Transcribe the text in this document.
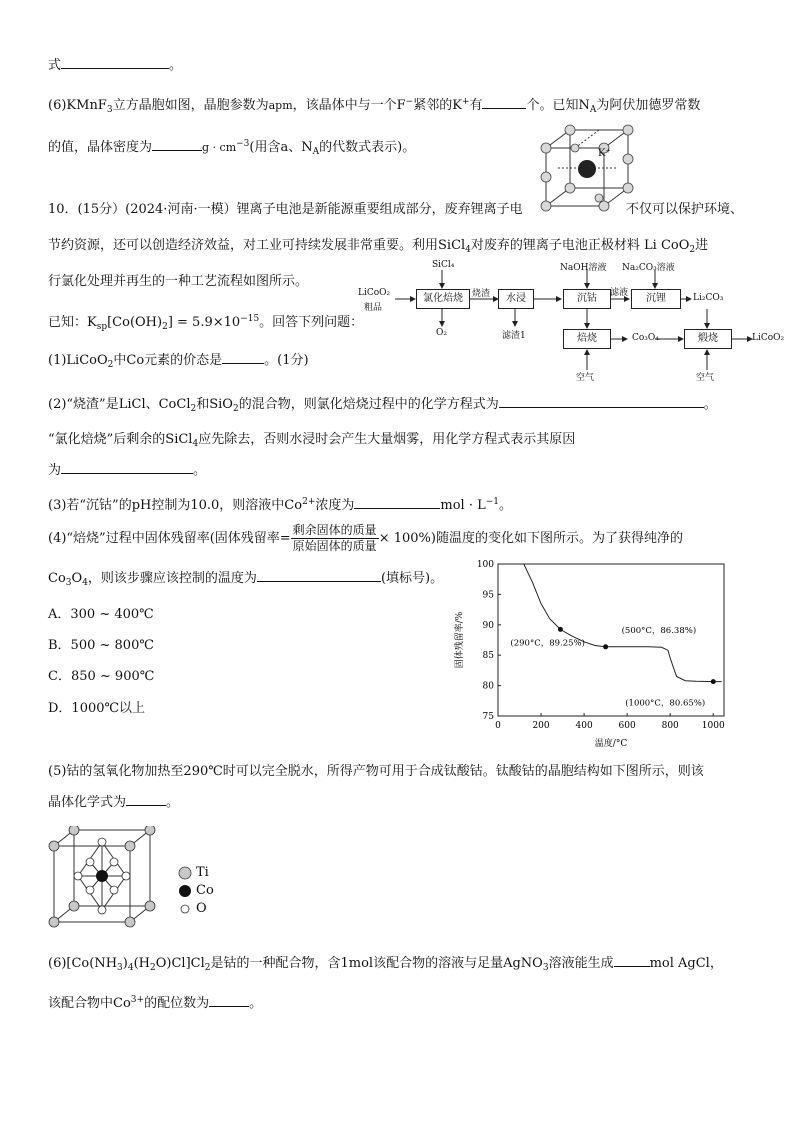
式	。
(6)KMnF$_3$立方晶胞如图，晶胞参数为apm，该晶体中与一个F−紧邻的K+有	个。已知$N_A$为阿伏加德罗常数
的值，晶体密度为	$g \cdot cm^{-3}$(用含a、$N_A$的代数式表示)。	K⁺
10．(15分）(2024·河南·一模）锂离子电池是新能源重要组成部分，废弃锂离子电	不仅可以保护环境、
节约资源，还可以创造经济效益，对工业可持续发展非常重要。利用SiCl$_4$对废弃的锂离子电池正极材料 Li CoO$_2$进
行氯化处理并再生的一种工艺流程如图所示。
已知：$K_{sp}[Co(OH)_2] = 5.9\times 10^{-15}$。回答下列问题：
LiCoO₂
粗品
SiCl₄
氯化焙烧	烧渣	水浸
O₂	滤渣1
NaOH溶液
沉钴	滤液
Na₂CO₃溶液
沉锂	Li₂CO₃
焙烧	Co₃O₄	煅烧	LiCoO₂
空气	空气
(1)LiCoO$_2$中Co元素的价态是	。(1分)
(2)“烧渣”是LiCl、CoCl$_2$和SiO$_2$的混合物，则氯化焙烧过程中的化学方程式为	。
“氯化焙烧”后剩余的SiCl$_4$应先除去，否则水浸时会产生大量烟雾，用化学方程式表示其原因
为	。
(3)若“沉钴”的pH控制为10.0，则溶液中$Co^{2+}$浓度为	mol · $L^{-1}$。
(4)“焙烧”过程中固体残留率(固体残留率= $\frac{\text{剩余固体的质量}}{\text{原始固体的质量}} \times 100\%$)随温度的变化如下图所示。为了获得纯净的
$Co_3O_4$，则该步骤应该控制的温度为	(填标号)。
A．300 ~ 400℃
B．500 ~ 800℃
C．850 ~ 900℃
D．1000℃以上
0	200	400	600	800	1000
75
80
85
90
95
100
(290°C，89.25%)
(500°C，86.38%)
(1000°C，80.65%)
固体残留率/%
温度/°C
(5)钴的氢氧化物加热至290℃时可以完全脱水，所得产物可用于合成钛酸钴。钛酸钴的晶胞结构如下图所示，则该
晶体化学式为	。
Ti
Co
O
$(6)[Co(NH_3)_4(H_2O)Cl]Cl_2$是钴的一种配合物，含1mol该配合物的溶液与足量AgNO$_3$溶液能生成	mol AgCl，
该配合物中$Co^{3+}$的配位数为	。
